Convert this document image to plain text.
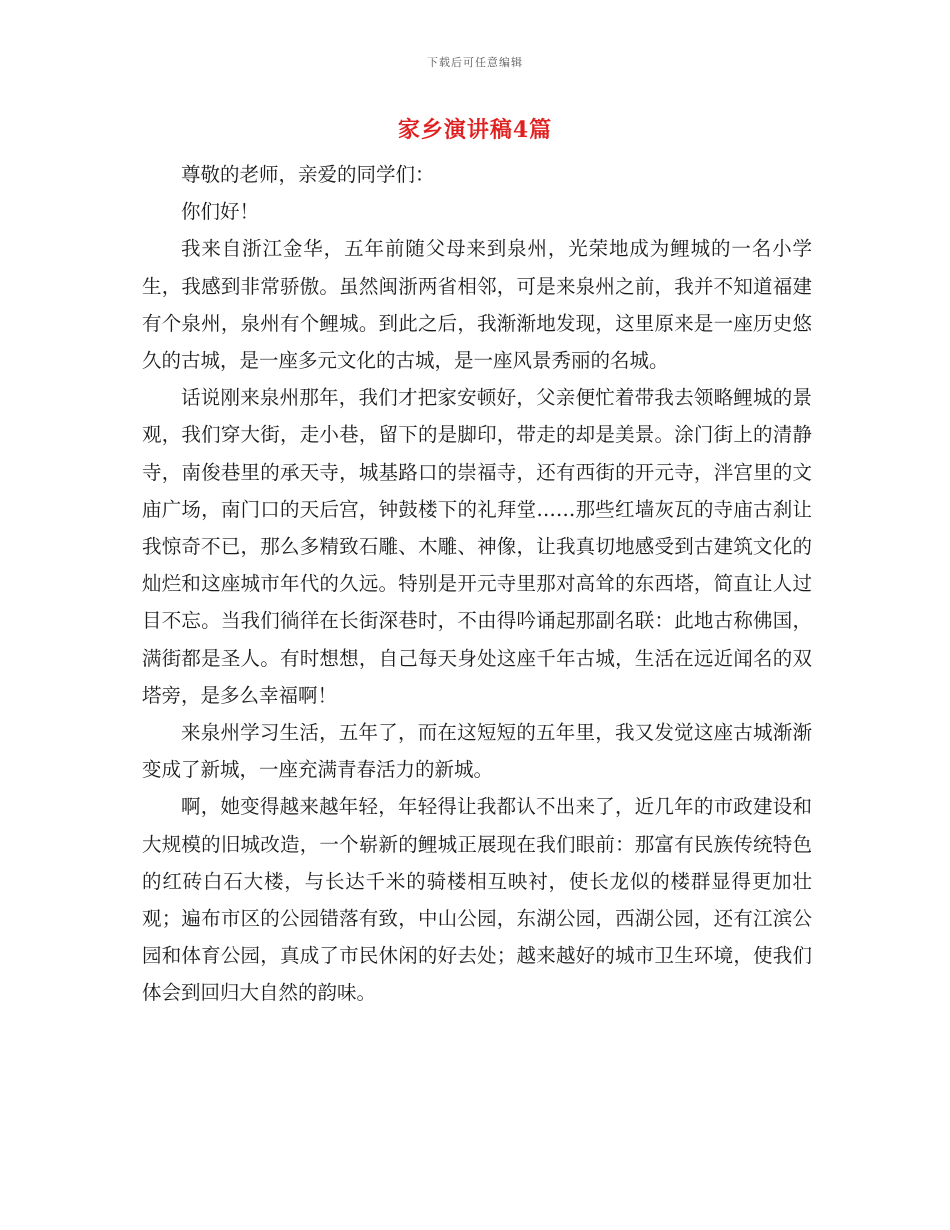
下载后可任意编辑
家乡演讲稿4篇

尊敬的老师，亲爱的同学们：

你们好！

我来自浙江金华，五年前随父母来到泉州，光荣地成为鲤城的一名小学生，我感到非常骄傲。虽然闽浙两省相邻，可是来泉州之前，我并不知道福建有个泉州，泉州有个鲤城。到此之后，我渐渐地发现，这里原来是一座历史悠久的古城，是一座多元文化的古城，是一座风景秀丽的名城。

话说刚来泉州那年，我们才把家安顿好，父亲便忙着带我去领略鲤城的景观，我们穿大街，走小巷，留下的是脚印，带走的却是美景。涂门街上的清静寺，南俊巷里的承天寺，城基路口的崇福寺，还有西街的开元寺，泮宫里的文庙广场，南门口的天后宫，钟鼓楼下的礼拜堂……那些红墙灰瓦的寺庙古刹让我惊奇不已，那么多精致石雕、木雕、神像，让我真切地感受到古建筑文化的灿烂和这座城市年代的久远。特别是开元寺里那对高耸的东西塔，简直让人过目不忘。当我们徜徉在长街深巷时，不由得吟诵起那副名联：此地古称佛国，满街都是圣人。有时想想，自己每天身处这座千年古城，生活在远近闻名的双塔旁，是多么幸福啊！

来泉州学习生活，五年了，而在这短短的五年里，我又发觉这座古城渐渐变成了新城，一座充满青春活力的新城。

啊，她变得越来越年轻，年轻得让我都认不出来了，近几年的市政建设和大规模的旧城改造，一个崭新的鲤城正展现在我们眼前：那富有民族传统特色的红砖白石大楼，与长达千米的骑楼相互映衬，使长龙似的楼群显得更加壮观；遍布市区的公园错落有致，中山公园，东湖公园，西湖公园，还有江滨公园和体育公园，真成了市民休闲的好去处；越来越好的城市卫生环境，使我们体会到回归大自然的韵味。
